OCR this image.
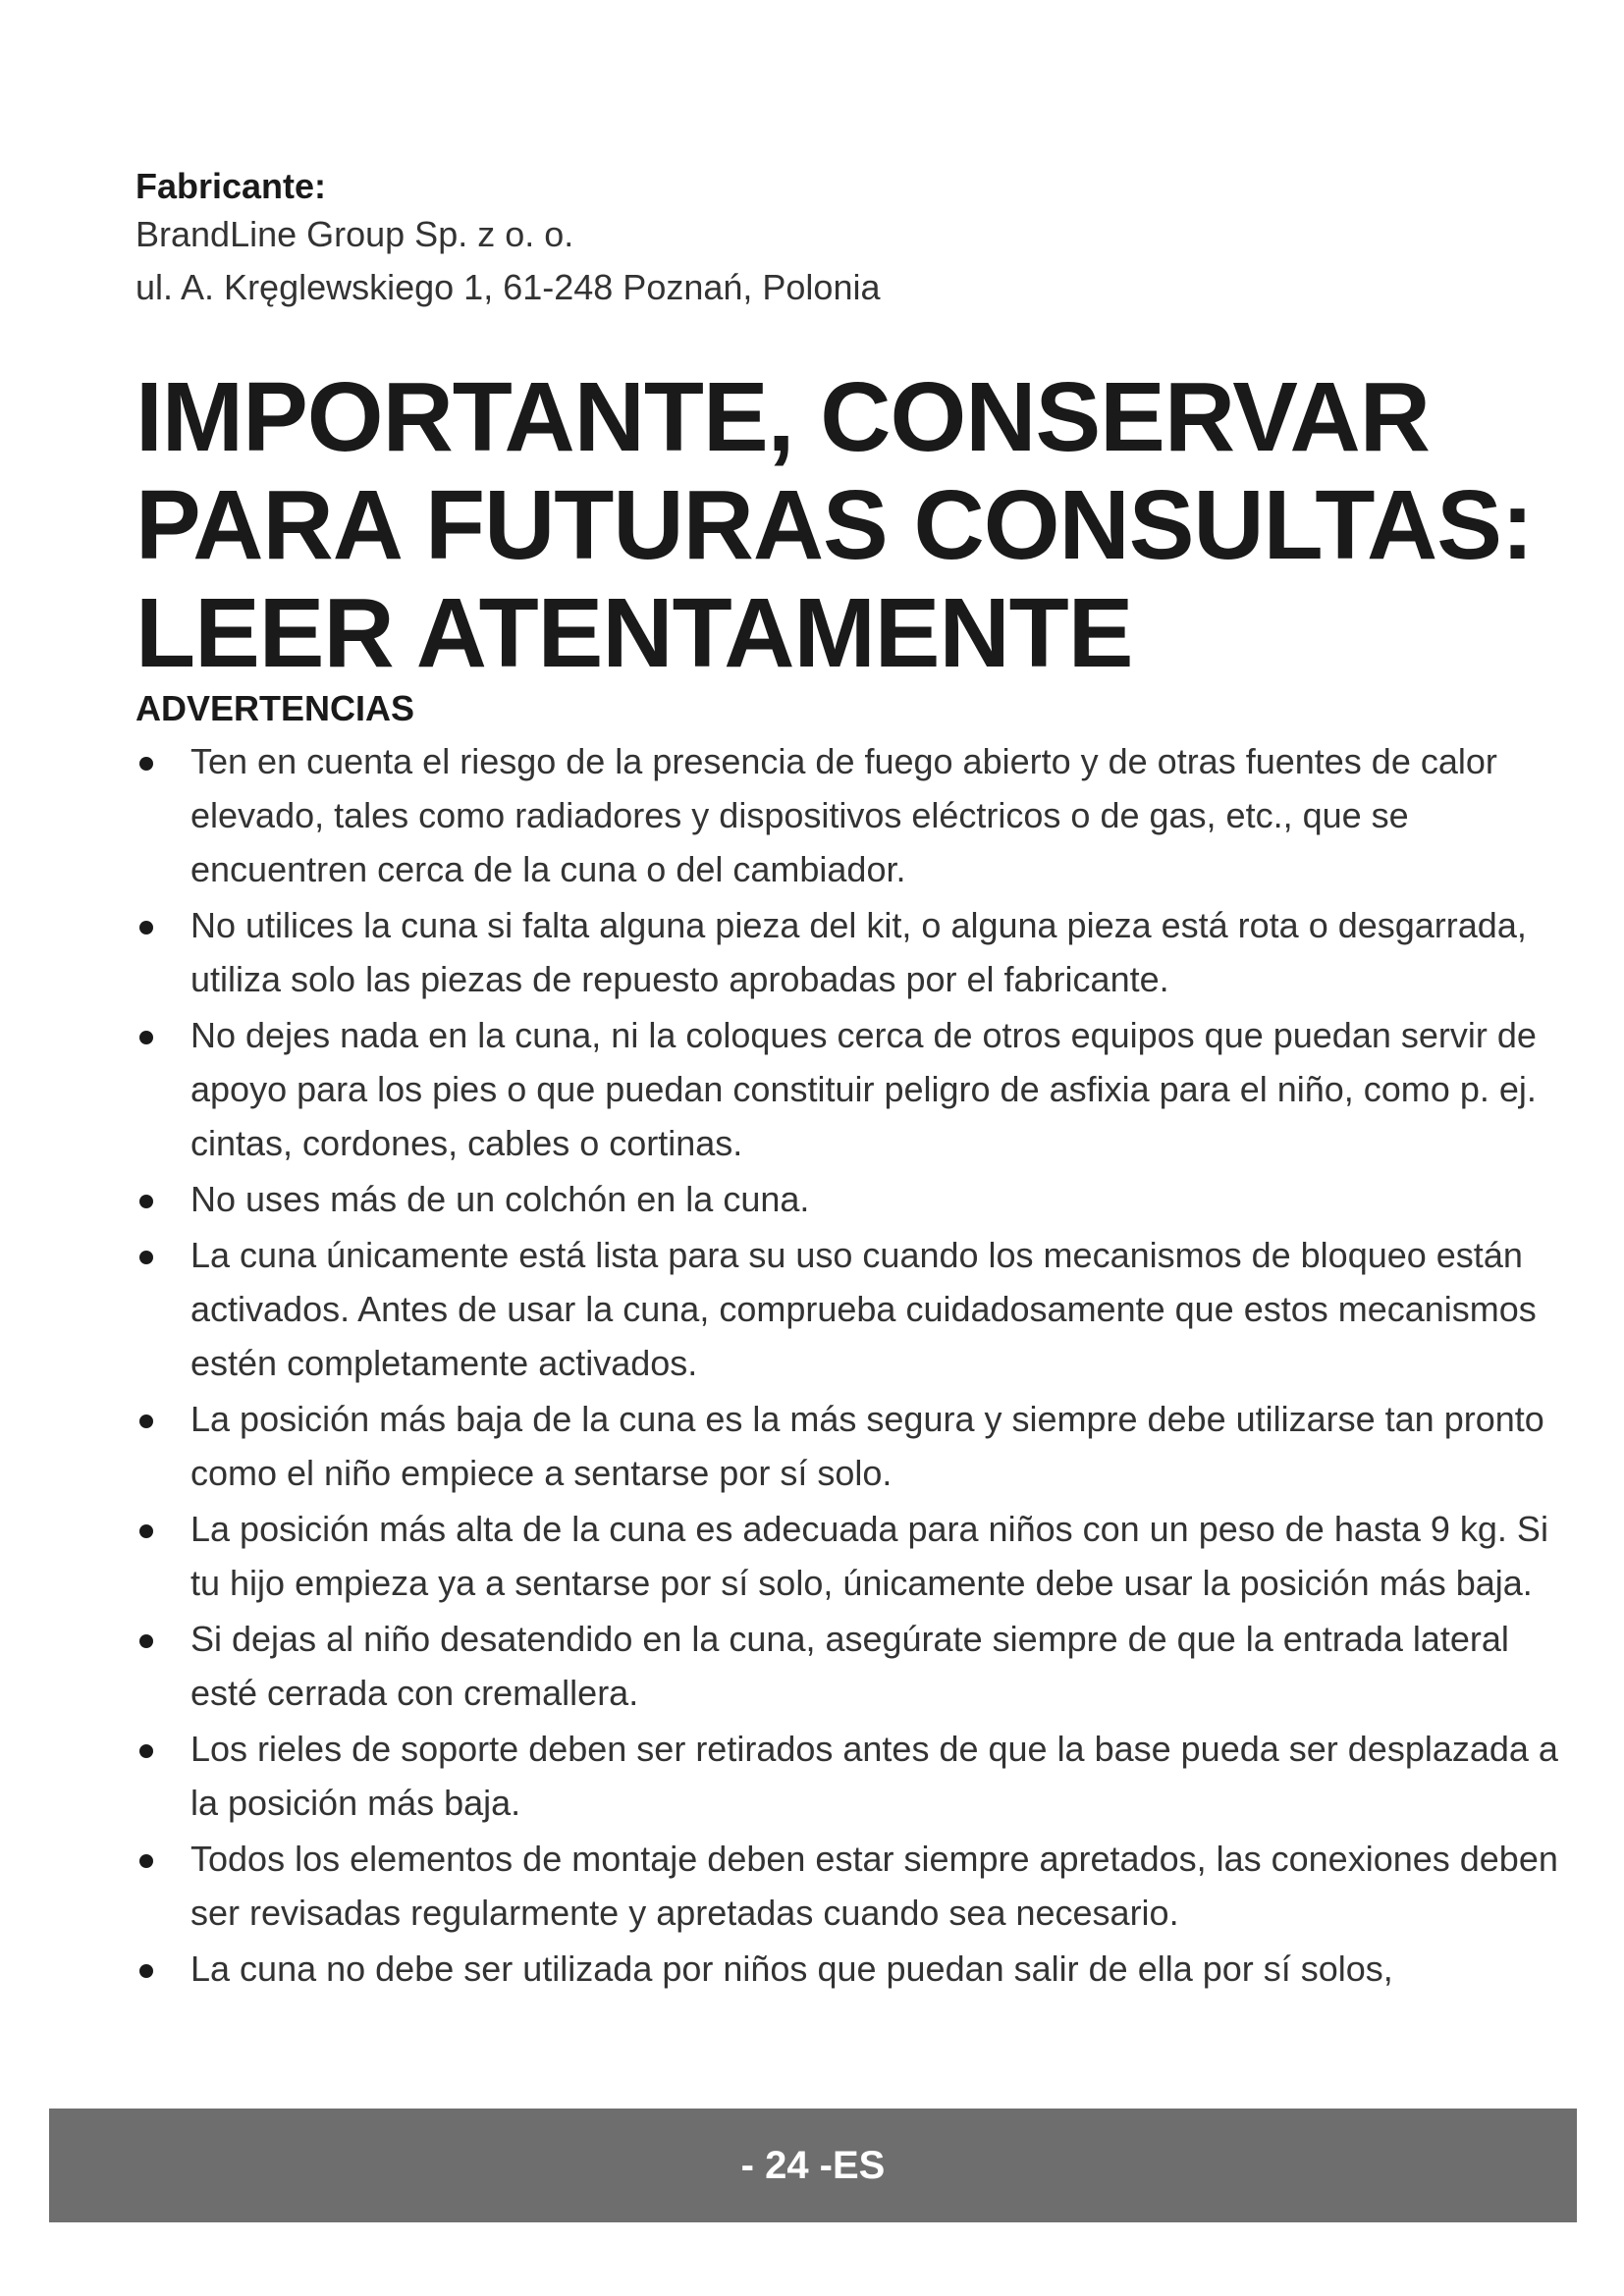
Fabricante:

BrandLine Group Sp. z o. o.

ul. A. Kręglewskiego 1, 61-248 Poznań, Polonia

IMPORTANTE, CONSERVAR
PARA FUTURAS CONSULTAS:
LEER ATENTAMENTE
ADVERTENCIAS
Ten en cuenta el riesgo de la presencia de fuego abierto y de otras fuentes de calor elevado, tales como radiadores y dispositivos eléctricos o de gas, etc., que se encuentren cerca de la cuna o del cambiador.
No utilices la cuna si falta alguna pieza del kit, o alguna pieza está rota o desgarrada, utiliza solo las piezas de repuesto aprobadas por el fabricante.
No dejes nada en la cuna, ni la coloques cerca de otros equipos que puedan servir de apoyo para los pies o que puedan constituir peligro de asfixia para el niño, como p. ej. cintas, cordones, cables o cortinas.
No uses más de un colchón en la cuna.
La cuna únicamente está lista para su uso cuando los mecanismos de bloqueo están activados. Antes de usar la cuna, comprueba cuidadosamente que estos mecanismos estén completamente activados.
La posición más baja de la cuna es la más segura y siempre debe utilizarse tan pronto como el niño empiece a sentarse por sí solo.
La posición más alta de la cuna es adecuada para niños con un peso de hasta 9 kg. Si tu hijo empieza ya a sentarse por sí solo, únicamente debe usar la posición más baja.
Si dejas al niño desatendido en la cuna, asegúrate siempre de que la entrada lateral esté cerrada con cremallera.
Los rieles de soporte deben ser retirados antes de que la base pueda ser desplazada a la posición más baja.
Todos los elementos de montaje deben estar siempre apretados, las conexiones deben ser revisadas regularmente y apretadas cuando sea necesario.
La cuna no debe ser utilizada por niños que puedan salir de ella por sí solos,
- 24 -ES
